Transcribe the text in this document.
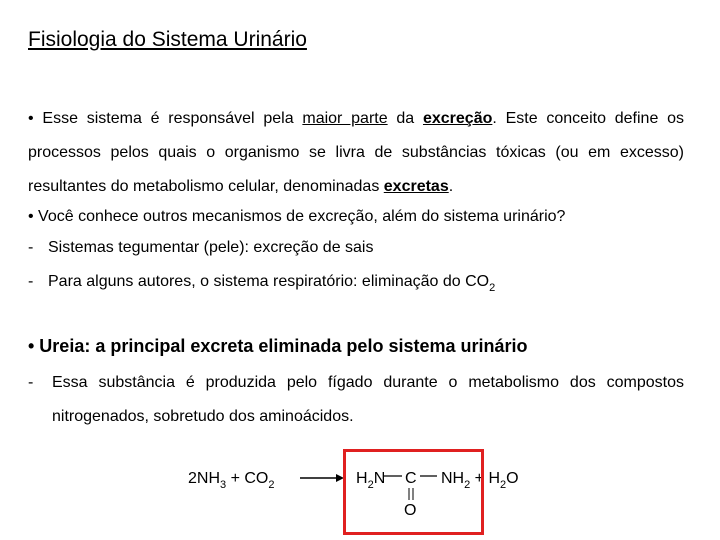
Fisiologia do Sistema Urinário
• Esse sistema é responsável pela maior parte da excreção. Este conceito define os processos pelos quais o organismo se livra de substâncias tóxicas (ou em excesso) resultantes do metabolismo celular, denominadas excretas.
• Você conhece outros mecanismos de excreção, além do sistema urinário?
- Sistemas tegumentar (pele): excreção de sais
- Para alguns autores, o sistema respiratório: eliminação do $CO_2$
• Ureia: a principal excreta eliminada pelo sistema urinário
- Essa substância é produzida pelo fígado durante o metabolismo dos compostos nitrogenados, sobretudo dos aminoácidos.
$2NH_3 + CO_2$	$H_2N$ C $NH_2 + H_2O$
O
